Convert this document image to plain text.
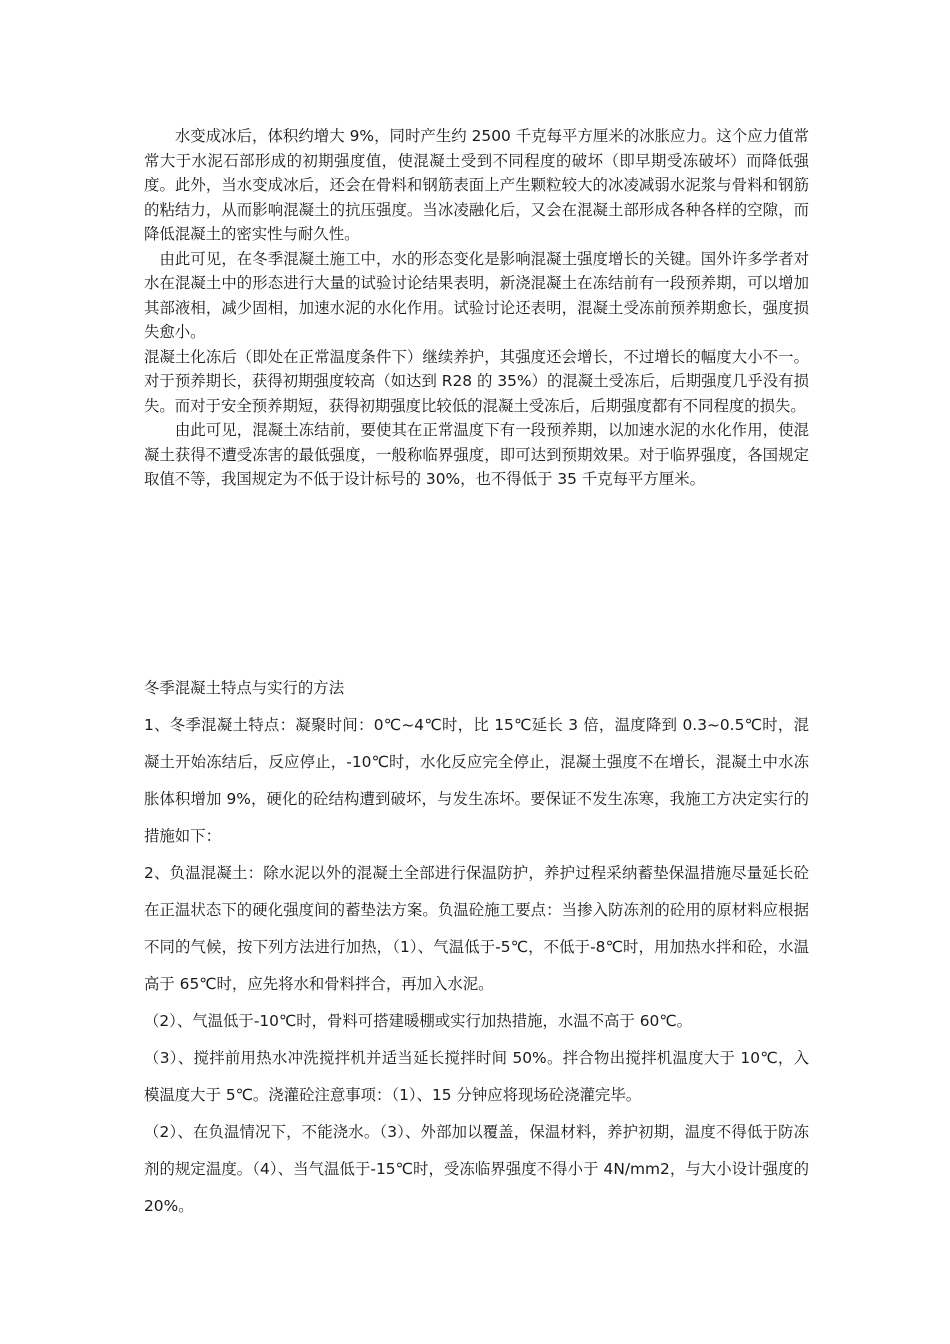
　　水变成冰后，体积约增大 9%，同时产生约 2500 千克每平方厘米的冰胀应力。这个应力值常常大于水泥石部形成的初期强度值，使混凝土受到不同程度的破坏（即早期受冻破坏）而降低强度。此外，当水变成冰后，还会在骨料和钢筋表面上产生颗粒较大的冰凌减弱水泥浆与骨料和钢筋的粘结力，从而影响混凝土的抗压强度。当冰凌融化后，又会在混凝土部形成各种各样的空隙，而降低混凝土的密实性与耐久性。

　由此可见，在冬季混凝土施工中，水的形态变化是影响混凝土强度增长的关键。国外许多学者对水在混凝土中的形态进行大量的试验讨论结果表明，新浇混凝土在冻结前有一段预养期，可以增加其部液相，减少固相，加速水泥的水化作用。试验讨论还表明，混凝土受冻前预养期愈长，强度损失愈小。

混凝土化冻后（即处在正常温度条件下）继续养护，其强度还会增长，不过增长的幅度大小不一。对于预养期长，获得初期强度较高（如达到 R28 的 35%）的混凝土受冻后，后期强度几乎没有损失。而对于安全预养期短，获得初期强度比较低的混凝土受冻后，后期强度都有不同程度的损失。

　　由此可见，混凝土冻结前，要使其在正常温度下有一段预养期，以加速水泥的水化作用，使混凝土获得不遭受冻害的最低强度，一般称临界强度，即可达到预期效果。对于临界强度，各国规定取值不等，我国规定为不低于设计标号的 30%，也不得低于 35 千克每平方厘米。

冬季混凝土特点与实行的方法

1、冬季混凝土特点：凝聚时间：0℃~4℃时，比 15℃延长 3 倍，温度降到 0.3~0.5℃时，混凝土开始冻结后，反应停止，-10℃时，水化反应完全停止，混凝土强度不在增长，混凝土中水冻胀体积增加 9%，硬化的砼结构遭到破坏，与发生冻坏。要保证不发生冻寒，我施工方决定实行的措施如下：

2、负温混凝土：除水泥以外的混凝土全部进行保温防护，养护过程采纳蓄垫保温措施尽量延长砼在正温状态下的硬化强度间的蓄垫法方案。负温砼施工要点：当掺入防冻剂的砼用的原材料应根据不同的气候，按下列方法进行加热，（1）、气温低于-5℃，不低于-8℃时，用加热水拌和砼，水温高于 65℃时，应先将水和骨料拌合，再加入水泥。

（2）、气温低于-10℃时，骨料可搭建暖棚或实行加热措施，水温不高于 60℃。

（3）、搅拌前用热水冲洗搅拌机并适当延长搅拌时间 50%。拌合物出搅拌机温度大于 10℃，入模温度大于 5℃。浇灌砼注意事项：（1）、15 分钟应将现场砼浇灌完毕。

（2）、在负温情况下，不能浇水。（3）、外部加以覆盖，保温材料，养护初期，温度不得低于防冻剂的规定温度。（4）、当气温低于-15℃时，受冻临界强度不得小于 4N/mm2，与大小设计强度的 20%。
